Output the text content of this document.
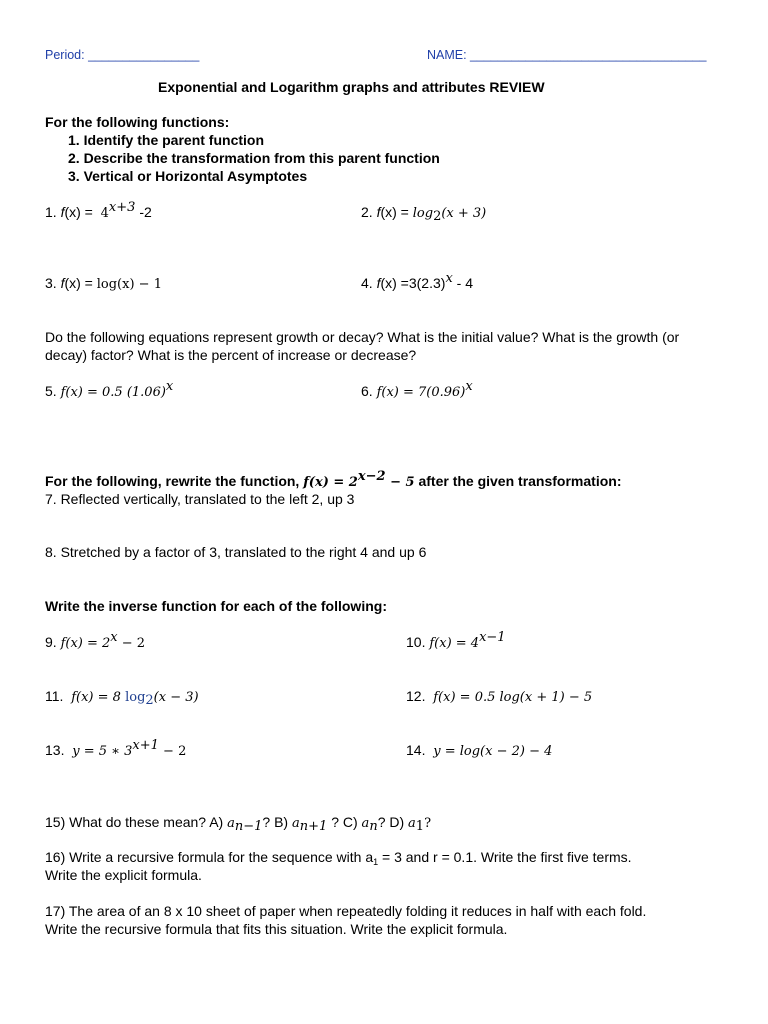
Period: ________________	NAME: __________________________________
Exponential and Logarithm graphs and attributes REVIEW
For the following functions:
1. Identify the parent function
2. Describe the transformation from this parent function
3. Vertical or Horizontal Asymptotes
1. $f(x) = 4^{x+3}$ -2	2. $f(x) = \log_2(x + 3)$
3. f(x) = log(x) − 1	4. $f(x) =3(2.3)^x - 4$
Do the following equations represent growth or decay? What is the initial value? What is the growth (or decay) factor? What is the percent of increase or decrease?
5. f(x) = 0.5 $(1.06)^x$	6. $f(x) = 7(0.96)^x$
For the following, rewrite the function, $f(x) = 2^{x-2} - 5$ after the given transformation:
7. Reflected vertically, translated to the left 2, up 3
8. Stretched by a factor of 3, translated to the right 4 and up 6
Write the inverse function for each of the following:
9. $f(x) = 2^x - 2$	10. $f(x) = 4^{x-1}$
11. f(x) = 8 $\log_2(x - 3)$	12. f(x) = 0.5 log(x + 1) − 5
13. y = 5 ∗ $3^{x+1} - 2$	14. y = log(x − 2) − 4
15) What do these mean? A) $a_{n-1}$? B) $a_{n+1}$ ? C) $a_n$? D) $a_1$?
16) Write a recursive formula for the sequence with $a_1 = 3$ and r = 0.1. Write the first five terms.
Write the explicit formula.
17) The area of an 8 x 10 sheet of paper when repeatedly folding it reduces in half with each fold.
Write the recursive formula that fits this situation. Write the explicit formula.
